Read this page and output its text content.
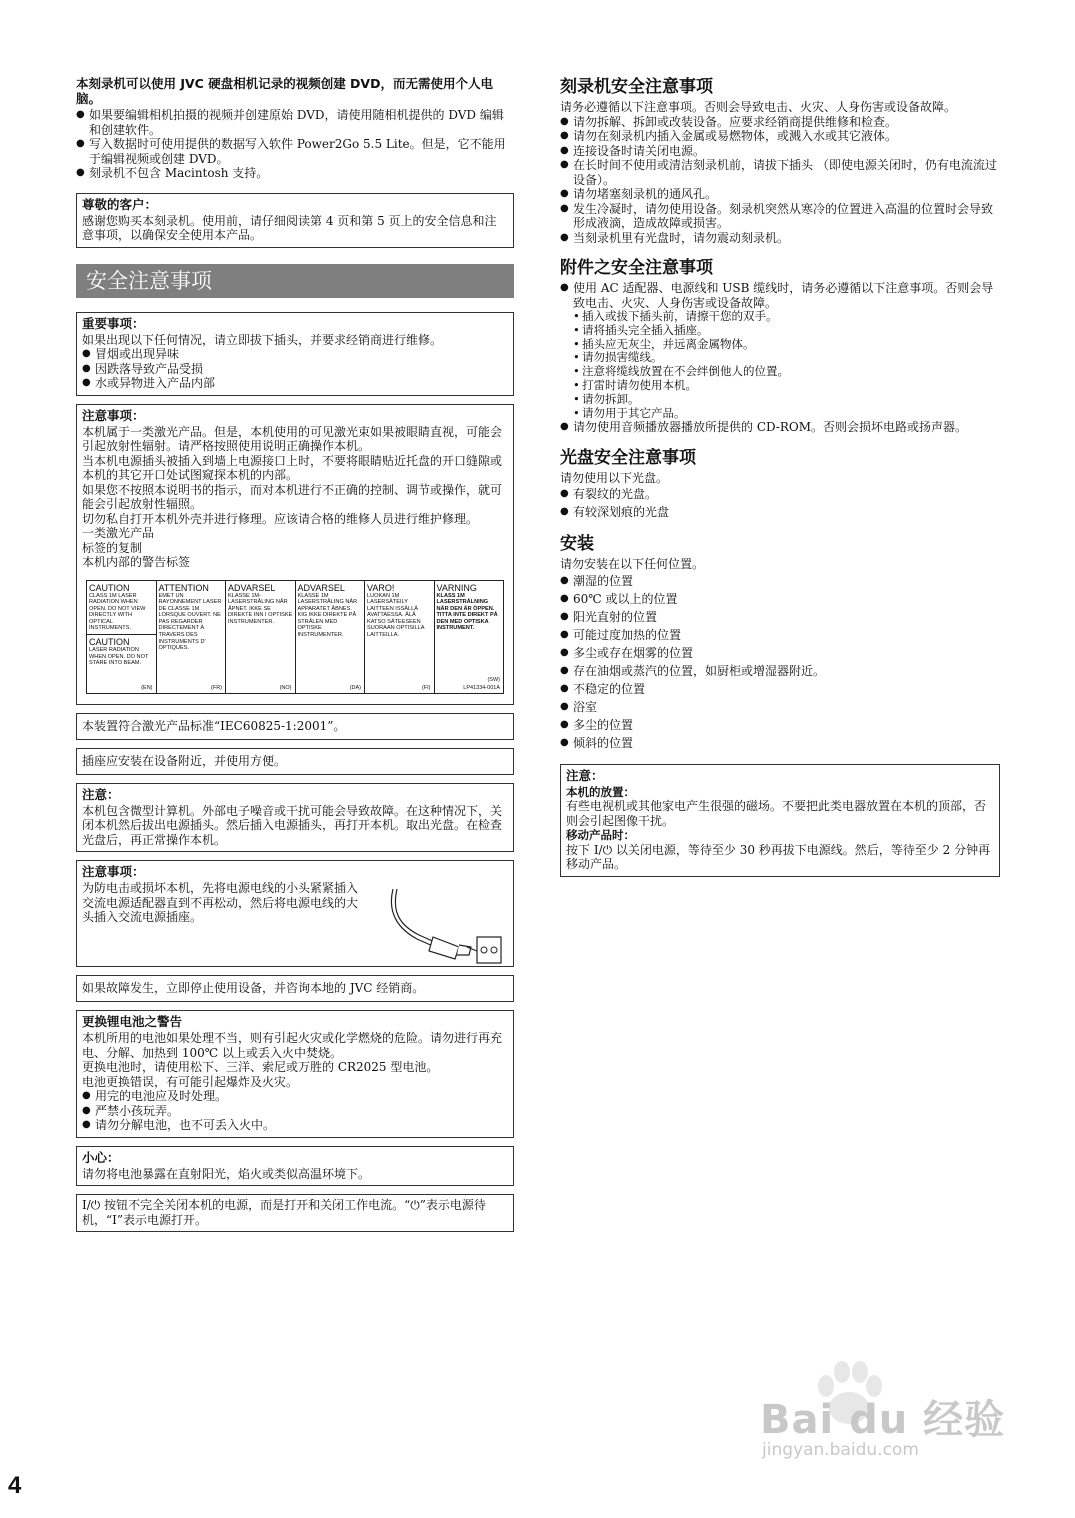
本刻录机可以使用 JVC 硬盘相机记录的视频创建 DVD，而无需使用个人电脑。

● 如果要编辑相机拍摄的视频并创建原始 DVD，请使用随相机提供的 DVD 编辑和创建软件。
● 写入数据时可使用提供的数据写入软件 Power2Go 5.5 Lite。但是，它不能用于编辑视频或创建 DVD。
● 刻录机不包含 Macintosh 支持。
尊敬的客户：

感谢您购买本刻录机。使用前，请仔细阅读第 4 页和第 5 页上的安全信息和注意事项，以确保安全使用本产品。

安全注意事项
重要事项：

如果出现以下任何情况，请立即拔下插头，并要求经销商进行维修。

● 冒烟或出现异味
● 因跌落导致产品受损
● 水或异物进入产品内部
注意事项：

本机属于一类激光产品。但是，本机使用的可见激光束如果被眼睛直视，可能会引起放射性辐射。请严格按照使用说明正确操作本机。

当本机电源插头被插入到墙上电源接口上时，不要将眼睛贴近托盘的开口缝隙或本机的其它开口处试图窥探本机的内部。

如果您不按照本说明书的指示，而对本机进行不正确的控制、调节或操作，就可能会引起放射性辐照。

切勿私自打开本机外壳并进行修理。应该请合格的维修人员进行维护修理。

一类激光产品

标签的复制

本机内部的警告标签

CAUTION
CLASS 1M LASER RADIATION WHEN OPEN. DO NOT VIEW DIRECTLY WITH OPTICAL INSTRUMENTS.
CAUTION
LASER RADIATION WHEN OPEN. DO NOT STARE INTO BEAM.
(EN)
ATTENTION
EMET UN RAYONNEMENT LASER DE CLASSE 1M LORSQUE OUVERT. NE PAS REGARDER DIRECTEMENT À TRAVERS DES INSTRUMENTS D' OPTIQUES.
(FR)
ADVARSEL
KLASSE 1M-LASERSTRÅLING NÅR ÅPNET. IKKE SE DIREKTE INN I OPTISKE INSTRUMENTER.
(NO)
ADVARSEL
KLASSE 1M LASERSTRÅLING NÅR APPARATET ÅBNES. KIG IKKE DIREKTE PÅ STRÅLEN MED OPTISKE INSTRUMENTER.
(DA)
VARO!
LUOKAN 1M LASERSÄTEILY LAITTEEN ISSÄLLÄ AVATTAESSA. ÄLÄ KATSO SÄTEESEEN SUORAAN OPTISILLA LAITTEILLA.
(FI)
VARNING
KLASS 1M LASERSTRÅLNING NÄR DEN ÄR ÖPPEN. TITTA INTE DIREKT PÅ DEN MED OPTISKA INSTRUMENT.
(SW)
LP41334-001A

本装置符合激光产品标准“IEC60825-1:2001”。

插座应安装在设备附近，并使用方便。

注意：

本机包含微型计算机。外部电子噪音或干扰可能会导致故障。在这种情况下，关闭本机然后拔出电源插头。然后插入电源插头，再打开本机。取出光盘。在检查光盘后，再正常操作本机。

注意事项：

为防电击或损坏本机，先将电源电线的小头紧紧插入交流电源适配器直到不再松动，然后将电源电线的大头插入交流电源插座。

如果故障发生，立即停止使用设备，并咨询本地的 JVC 经销商。

更换锂电池之警告

本机所用的电池如果处理不当，则有引起火灾或化学燃烧的危险。请勿进行再充电、分解、加热到 100℃ 以上或丢入火中焚烧。

更换电池时，请使用松下、三洋、索尼或万胜的 CR2025 型电池。

电池更换错误，有可能引起爆炸及火灾。

● 用完的电池应及时处理。
● 严禁小孩玩弄。
● 请勿分解电池，也不可丢入火中。
小心：

请勿将电池暴露在直射阳光，焰火或类似高温环境下。

I/⏻ 按钮不完全关闭本机的电源，而是打开和关闭工作电流。“⏻”表示电源待机，“I”表示电源打开。

刻录机安全注意事项

请务必遵循以下注意事项。否则会导致电击、火灾、人身伤害或设备故障。

● 请勿拆解、拆卸或改装设备。应要求经销商提供维修和检查。
● 请勿在刻录机内插入金属或易燃物体，或溅入水或其它液体。
● 连接设备时请关闭电源。
● 在长时间不使用或清洁刻录机前，请拔下插头 （即使电源关闭时，仍有电流流过设备）。
● 请勿堵塞刻录机的通风孔。
● 发生冷凝时，请勿使用设备。刻录机突然从寒冷的位置进入高温的位置时会导致形成液滴，造成故障或损害。
● 当刻录机里有光盘时，请勿震动刻录机。
附件之安全注意事项
● 使用 AC 适配器、电源线和 USB 缆线时，请务必遵循以下注意事项。否则会导致电击、火灾、人身伤害或设备故障。
• 插入或拔下插头前，请擦干您的双手。
• 请将插头完全插入插座。
• 插头应无灰尘，并远离金属物体。
• 请勿损害缆线。
• 注意将缆线放置在不会绊倒他人的位置。
• 打雷时请勿使用本机。
• 请勿拆卸。
• 请勿用于其它产品。
● 请勿使用音频播放器播放所提供的 CD-ROM。否则会损坏电路或扬声器。
光盘安全注意事项

请勿使用以下光盘。

● 有裂纹的光盘。
● 有较深划痕的光盘
安装

请勿安装在以下任何位置。

● 潮湿的位置
● 60℃ 或以上的位置
● 阳光直射的位置
● 可能过度加热的位置
● 多尘或存在烟雾的位置
● 存在油烟或蒸汽的位置，如厨柜或增湿器附近。
● 不稳定的位置
● 浴室
● 多尘的位置
● 倾斜的位置
注意：

本机的放置：

有些电视机或其他家电产生很强的磁场。不要把此类电器放置在本机的顶部，否则会引起图像干扰。

移动产品时：

按下 I/⏻ 以关闭电源，等待至少 30 秒再拔下电源线。然后，等待至少 2 分钟再移动产品。

4
Bai du 经验
jingyan.baidu.com
